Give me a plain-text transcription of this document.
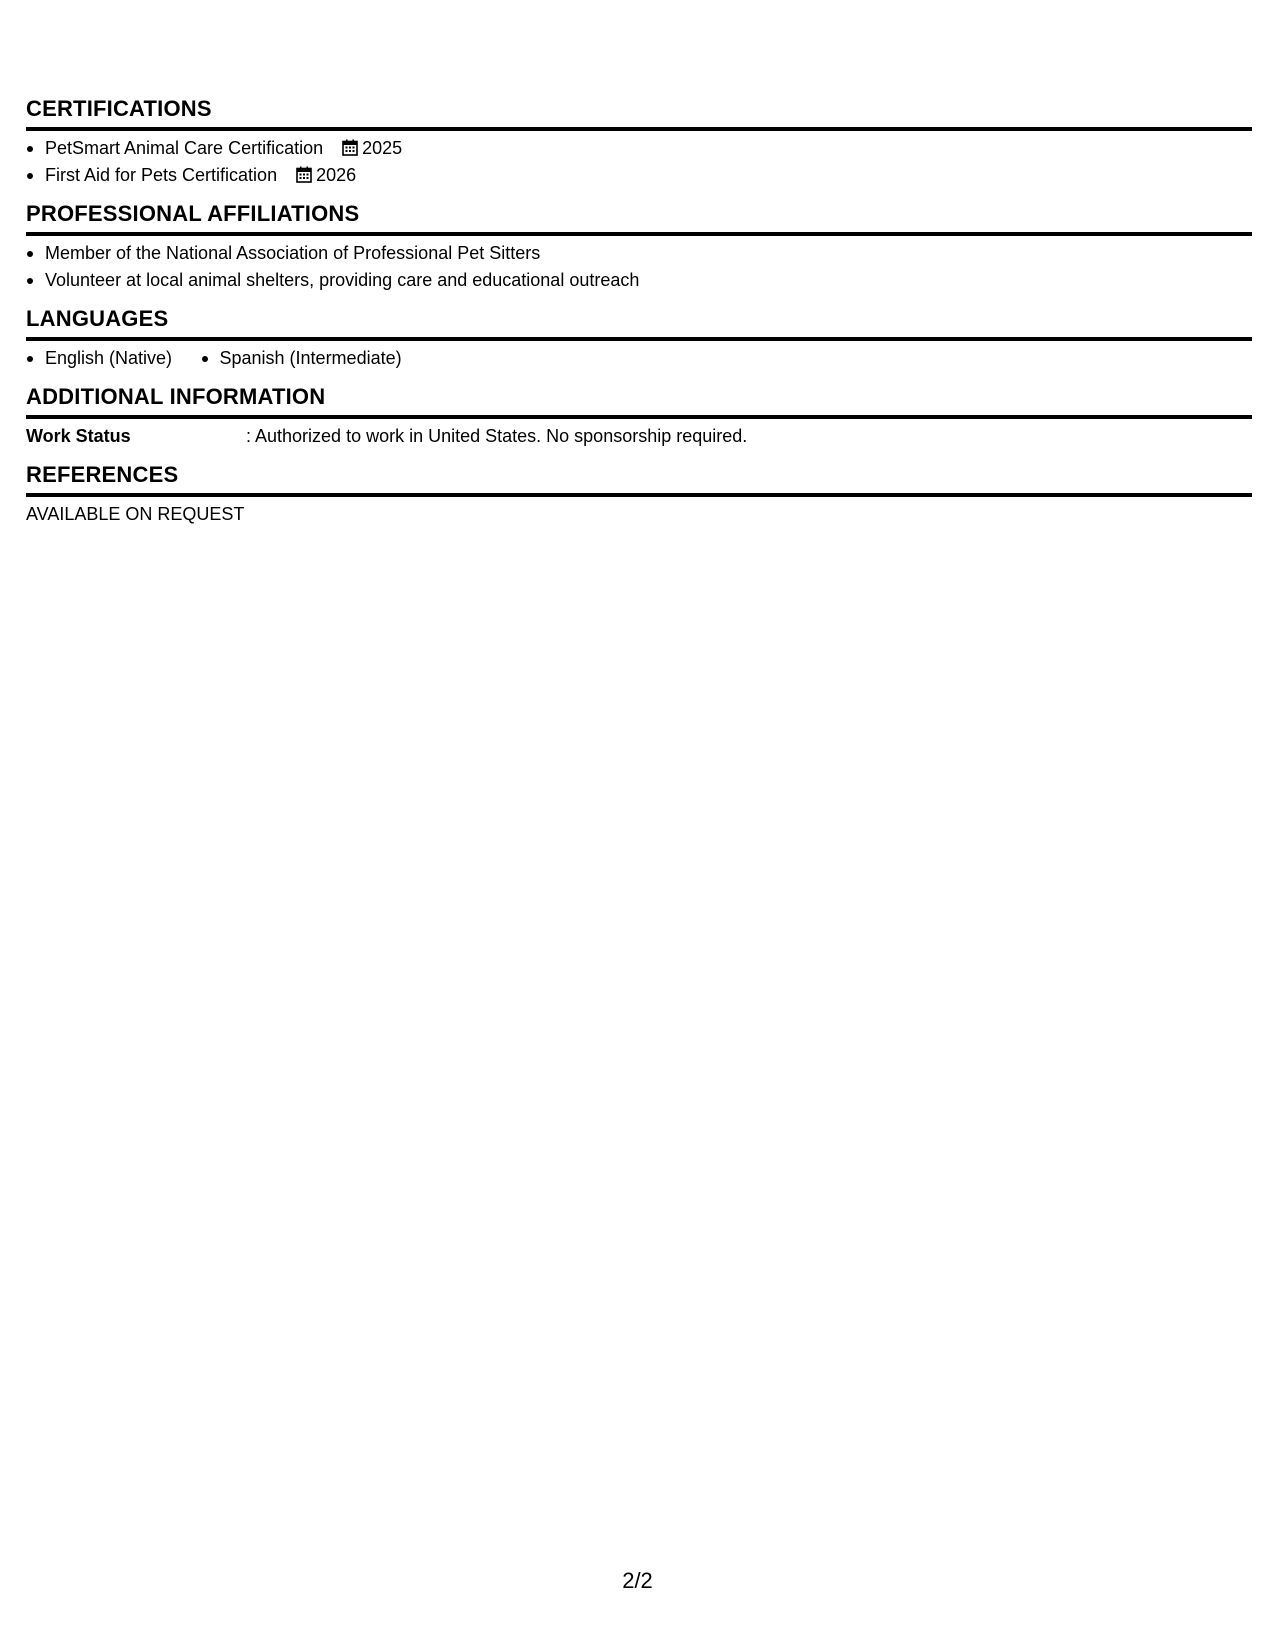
CERTIFICATIONS
PetSmart Animal Care Certification 2025
First Aid for Pets Certification 2026
PROFESSIONAL AFFILIATIONS
Member of the National Association of Professional Pet Sitters
Volunteer at local animal shelters, providing care and educational outreach
LANGUAGES
English (Native)	Spanish (Intermediate)
ADDITIONAL INFORMATION
Work Status	: Authorized to work in United States. No sponsorship required.
REFERENCES
AVAILABLE ON REQUEST
2/2
